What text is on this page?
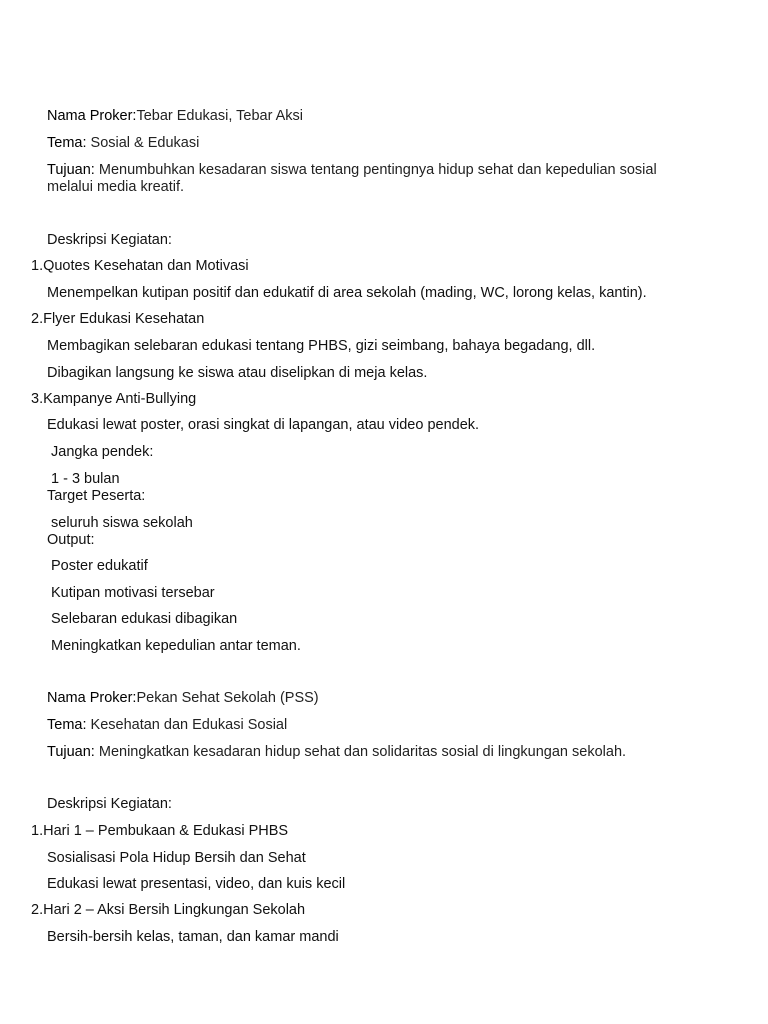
Nama Proker:Tebar Edukasi, Tebar Aksi
Tema: Sosial & Edukasi
Tujuan: Menumbuhkan kesadaran siswa tentang pentingnya hidup sehat dan kepedulian sosial melalui media kreatif.
Deskripsi Kegiatan:
1.Quotes Kesehatan dan Motivasi
Menempelkan kutipan positif dan edukatif di area sekolah (mading, WC, lorong kelas, kantin).
2.Flyer Edukasi Kesehatan
Membagikan selebaran edukasi tentang PHBS, gizi seimbang, bahaya begadang, dll.
Dibagikan langsung ke siswa atau diselipkan di meja kelas.
3.Kampanye Anti-Bullying
Edukasi lewat poster, orasi singkat di lapangan, atau video pendek.
Jangka pendek:
1 - 3 bulan
Target Peserta:
seluruh siswa sekolah
Output:
Poster edukatif
Kutipan motivasi tersebar
Selebaran edukasi dibagikan
Meningkatkan kepedulian antar teman.
Nama Proker:Pekan Sehat Sekolah (PSS)
Tema: Kesehatan dan Edukasi Sosial
Tujuan: Meningkatkan kesadaran hidup sehat dan solidaritas sosial di lingkungan sekolah.
Deskripsi Kegiatan:
1.Hari 1 – Pembukaan & Edukasi PHBS
Sosialisasi Pola Hidup Bersih dan Sehat
Edukasi lewat presentasi, video, dan kuis kecil
2.Hari 2 – Aksi Bersih Lingkungan Sekolah
Bersih-bersih kelas, taman, dan kamar mandi
